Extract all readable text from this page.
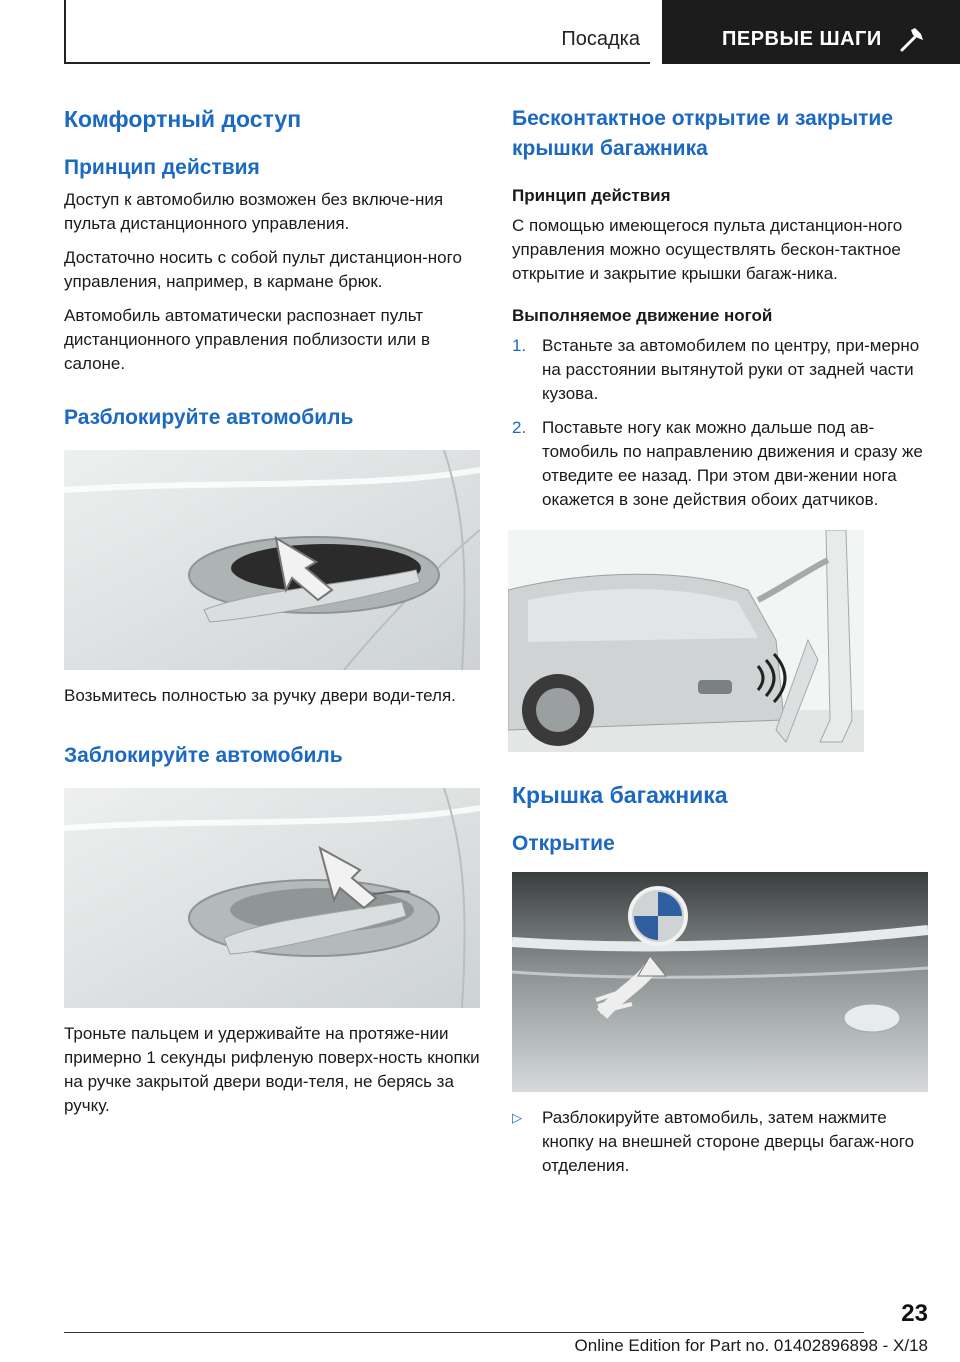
Посадка	ПЕРВЫЕ ШАГИ
Комфортный доступ
Принцип действия
Доступ к автомобилю возможен без включе‐ния пульта дистанционного управления.
Достаточно носить с собой пульт дистанцион‐ного управления, например, в кармане брюк.
Автомобиль автоматически распознает пульт дистанционного управления поблизости или в салоне.
Разблокируйте автомобиль
Возьмитесь полностью за ручку двери води‐теля.
Заблокируйте автомобиль
Троньте пальцем и удерживайте на протяже‐нии примерно 1 секунды рифленую поверх‐ность кнопки на ручке закрытой двери води‐теля, не берясь за ручку.
Бесконтактное открытие и закрытие крышки багажника
Принцип действия
С помощью имеющегося пульта дистанцион‐ного управления можно осуществлять бескон‐тактное открытие и закрытие крышки багаж‐ника.
Выполняемое движение ногой
1. Встаньте за автомобилем по центру, при‐мерно на расстоянии вытянутой руки от задней части кузова.
2. Поставьте ногу как можно дальше под ав‐томобиль по направлению движения и сразу же отведите ее назад. При этом дви‐жении нога окажется в зоне действия обоих датчиков.
Крышка багажника
Открытие
▷ Разблокируйте автомобиль, затем нажмите кнопку на внешней стороне дверцы багаж‐ного отделения.
23
Online Edition for Part no. 01402896898 - X/18
